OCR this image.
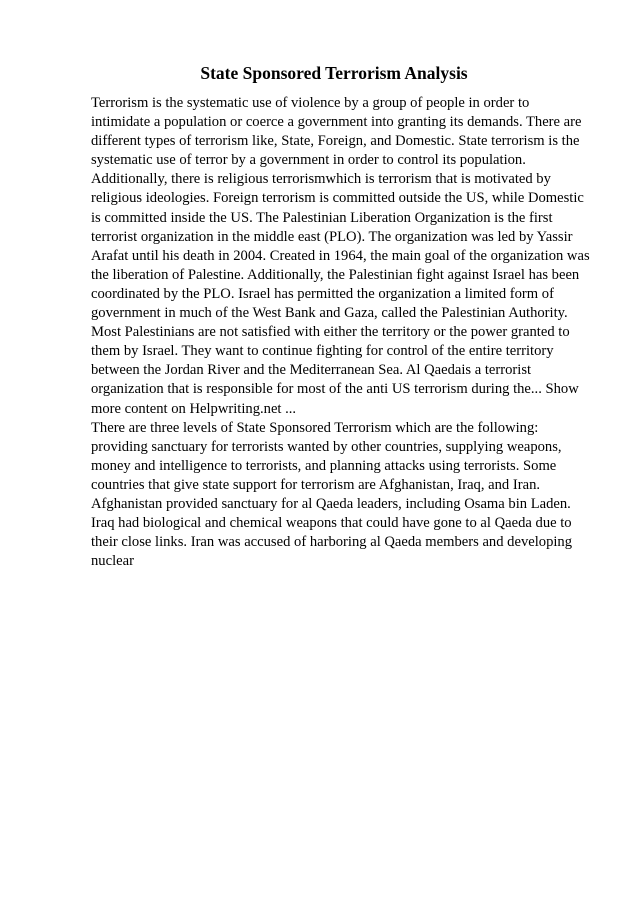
State Sponsored Terrorism Analysis

Terrorism is the systematic use of violence by a group of people in order to intimidate a population or coerce a government into granting its demands. There are different types of terrorism like, State, Foreign, and Domestic. State terrorism is the systematic use of terror by a government in order to control its population. Additionally, there is religious terrorismwhich is terrorism that is motivated by religious ideologies. Foreign terrorism is committed outside the US, while Domestic is committed inside the US. The Palestinian Liberation Organization is the first terrorist organization in the middle east (PLO). The organization was led by Yassir Arafat until his death in 2004. Created in 1964, the main goal of the organization was the liberation of Palestine. Additionally, the Palestinian fight against Israel has been coordinated by the PLO. Israel has permitted the organization a limited form of government in much of the West Bank and Gaza, called the Palestinian Authority. Most Palestinians are not satisfied with either the territory or the power granted to them by Israel. They want to continue fighting for control of the entire territory between the Jordan River and the Mediterranean Sea. Al Qaedais a terrorist organization that is responsible for most of the anti US terrorism during the... Show more content on Helpwriting.net ...

There are three levels of State Sponsored Terrorism which are the following: providing sanctuary for terrorists wanted by other countries, supplying weapons, money and intelligence to terrorists, and planning attacks using terrorists. Some countries that give state support for terrorism are Afghanistan, Iraq, and Iran. Afghanistan provided sanctuary for al Qaeda leaders, including Osama bin Laden. Iraq had biological and chemical weapons that could have gone to al Qaeda due to their close links. Iran was accused of harboring al Qaeda members and developing nuclear
